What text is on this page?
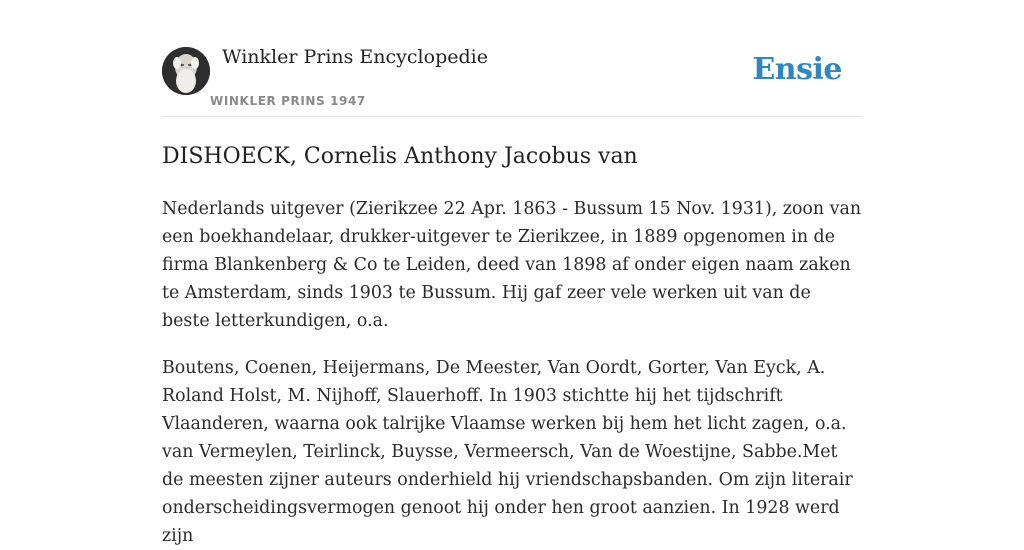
Winkler Prins Encyclopedie
WINKLER PRINS 1947
Ensie
DISHOECK, Cornelis Anthony Jacobus van

Nederlands uitgever (Zierikzee 22 Apr. 1863 - Bussum 15 Nov. 1931), zoon van een boekhandelaar, drukker-uitgever te Zierikzee, in 1889 opgenomen in de firma Blankenberg & Co te Leiden, deed van 1898 af onder eigen naam zaken te Amsterdam, sinds 1903 te Bussum. Hij gaf zeer vele werken uit van de beste letterkundigen, o.a.

Boutens, Coenen, Heijermans, De Meester, Van Oordt, Gorter, Van Eyck, A. Roland Holst, M. Nijhoff, Slauerhoff. In 1903 stichtte hij het tijdschrift Vlaanderen, waarna ook talrijke Vlaamse werken bij hem het licht zagen, o.a. van Vermeylen, Teirlinck, Buysse, Vermeersch, Van de Woestijne, Sabbe.Met de meesten zijner auteurs onderhield hij vriendschapsbanden. Om zijn literair onderscheidingsvermogen genoot hij onder hen groot aanzien. In 1928 werd zijn
